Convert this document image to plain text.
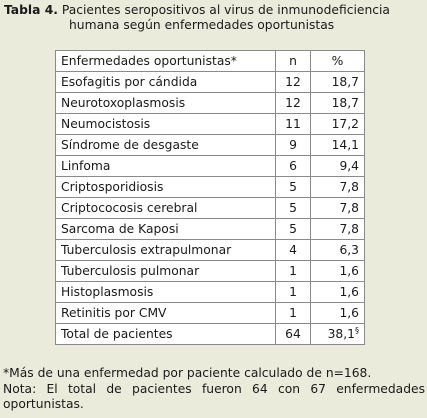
Tabla 4. Pacientes seropositivos al virus de inmunodeficiencia
humana según enfermedades oportunistas
Enfermedades oportunistas*	n	%
Esofagitis por cándida	12	18,7
Neurotoxoplasmosis	12	18,7
Neumocistosis	11	17,2
Síndrome de desgaste	9	14,1
Linfoma	6	9,4
Criptosporidiosis	5	7,8
Criptococosis cerebral	5	7,8
Sarcoma de Kaposi	5	7,8
Tuberculosis extrapulmonar	4	6,3
Tuberculosis pulmonar	1	1,6
Histoplasmosis	1	1,6
Retinitis por CMV	1	1,6
Total de pacientes	64	38,1§

*Más de una enfermedad por paciente calculado de n=168.

Nota: El total de pacientes fueron 64 con 67 enfermedades oportunistas.
